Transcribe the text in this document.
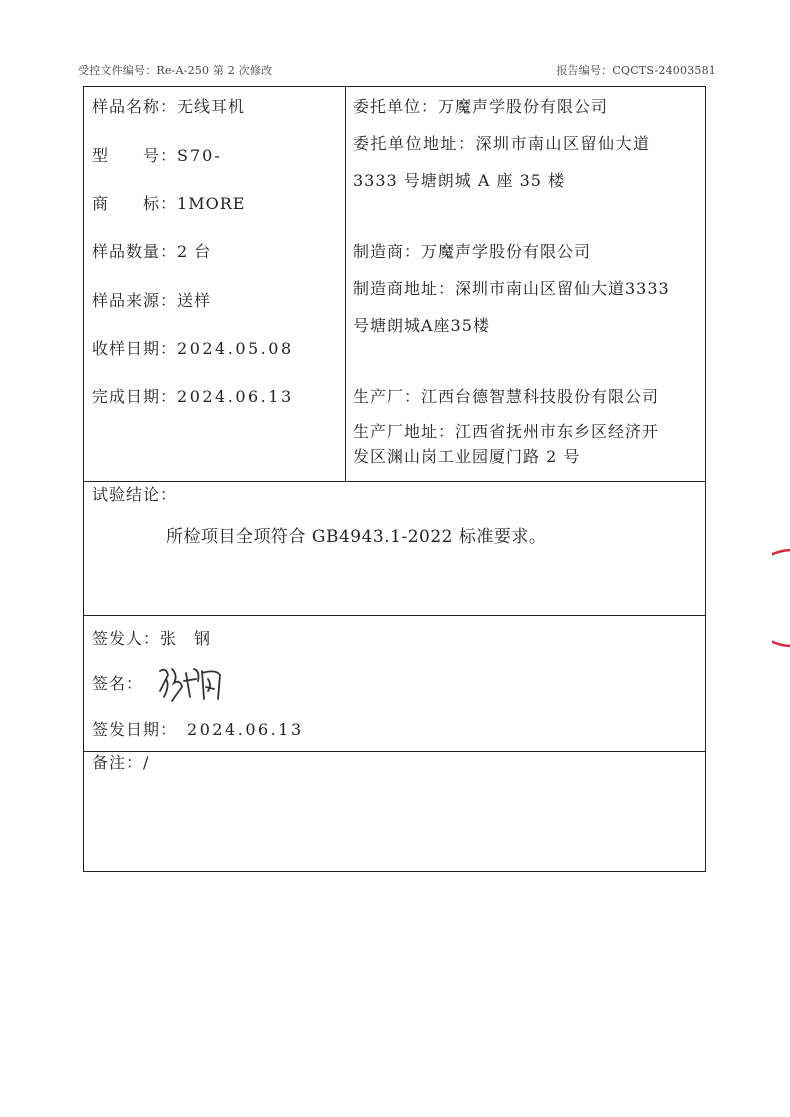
受控文件编号：Re-A-250 第 2 次修改	报告编号：CQCTS-24003581
样品名称：无线耳机
型　　号：S70-
商　　标：1MORE
样品数量：2 台
样品来源：送样
收样日期：2024.05.08
完成日期：2024.06.13
委托单位：万魔声学股份有限公司
委托单位地址：深圳市南山区留仙大道
3333 号塘朗城 A 座 35 楼
制造商：万魔声学股份有限公司
制造商地址：深圳市南山区留仙大道3333
号塘朗城A座35楼
生产厂：江西台德智慧科技股份有限公司
生产厂地址：江西省抚州市东乡区经济开
发区渊山岗工业园厦门路 2 号
试验结论：
所检项目全项符合 GB4943.1-2022 标准要求。
签发人：张　钢
签名：
签发日期： 2024.06.13
备注：/
